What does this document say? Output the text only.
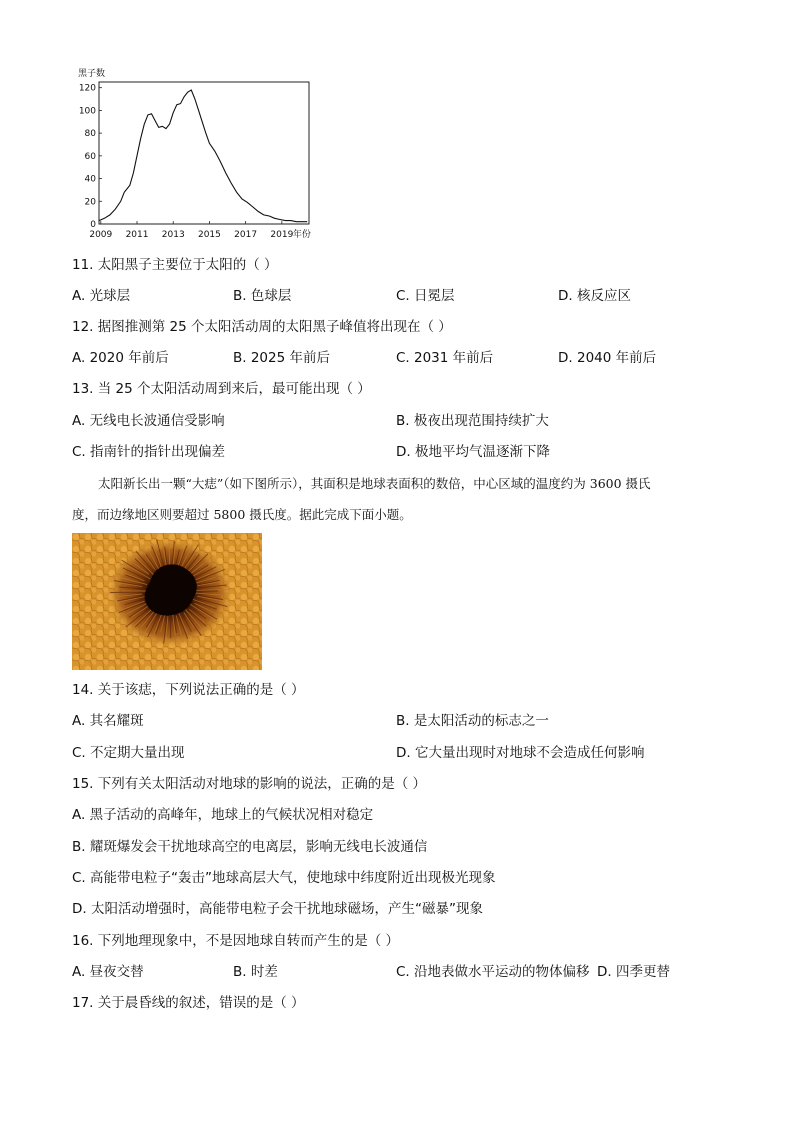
黑子数
0
20
40
60
80
100
120
2009 2011 2013 2015 2017 2019 年份
11. 太阳黑子主要位于太阳的（ ）
A. 光球层	B. 色球层	C. 日冕层	D. 核反应区
12. 据图推测第 25 个太阳活动周的太阳黑子峰值将出现在（ ）
A. 2020 年前后	B. 2025 年前后	C. 2031 年前后	D. 2040 年前后
13. 当 25 个太阳活动周到来后，最可能出现（ ）
A. 无线电长波通信受影响	B. 极夜出现范围持续扩大
C. 指南针的指针出现偏差	D. 极地平均气温逐渐下降
太阳新长出一颗“大痣”（如下图所示），其面积是地球表面积的数倍，中心区域的温度约为 3600 摄氏
度，而边缘地区则要超过 5800 摄氏度。据此完成下面小题。
14. 关于该痣，下列说法正确的是（ ）
A. 其名耀斑	B. 是太阳活动的标志之一
C. 不定期大量出现	D. 它大量出现时对地球不会造成任何影响
15. 下列有关太阳活动对地球的影响的说法，正确的是（ ）
A. 黑子活动的高峰年，地球上的气候状况相对稳定
B. 耀斑爆发会干扰地球高空的电离层，影响无线电长波通信
C. 高能带电粒子“轰击”地球高层大气，使地球中纬度附近出现极光现象
D. 太阳活动增强时，高能带电粒子会干扰地球磁场，产生“磁暴”现象
16. 下列地理现象中，不是因地球自转而产生的是（ ）
A. 昼夜交替	B. 时差	C. 沿地表做水平运动的物体偏移 D. 四季更替
17. 关于晨昏线的叙述，错误的是（ ）
